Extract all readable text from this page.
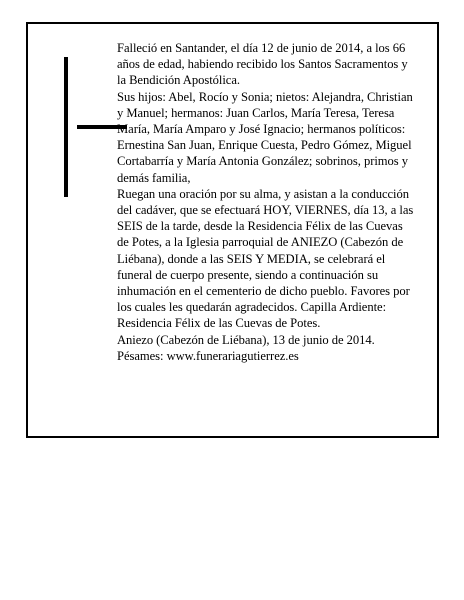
Falleció en Santander, el día 12 de junio de 2014, a los 66 años de edad, habiendo recibido los Santos Sacramentos y la Bendición Apostólica.

Sus hijos: Abel, Rocío y Sonia; nietos: Alejandra, Christian y Manuel; hermanos: Juan Carlos, María Teresa, Teresa María, María Amparo y José Ignacio; hermanos políticos: Ernestina San Juan, Enrique Cuesta, Pedro Gómez, Miguel Cortabarría y María Antonia González; sobrinos, primos y demás familia,

Ruegan una oración por su alma, y asistan a la conducción del cadáver, que se efectuará HOY, VIERNES, día 13, a las SEIS de la tarde, desde la Residencia Félix de las Cuevas de Potes, a la Iglesia parroquial de ANIEZO (Cabezón de Liébana), donde a las SEIS Y MEDIA, se celebrará el funeral de cuerpo presente, siendo a continuación su inhumación en el cementerio de dicho pueblo. Favores por los cuales les quedarán agradecidos. Capilla Ardiente: Residencia Félix de las Cuevas de Potes.

Aniezo (Cabezón de Liébana), 13 de junio de 2014.

Pésames: www.funerariagutierrez.es
